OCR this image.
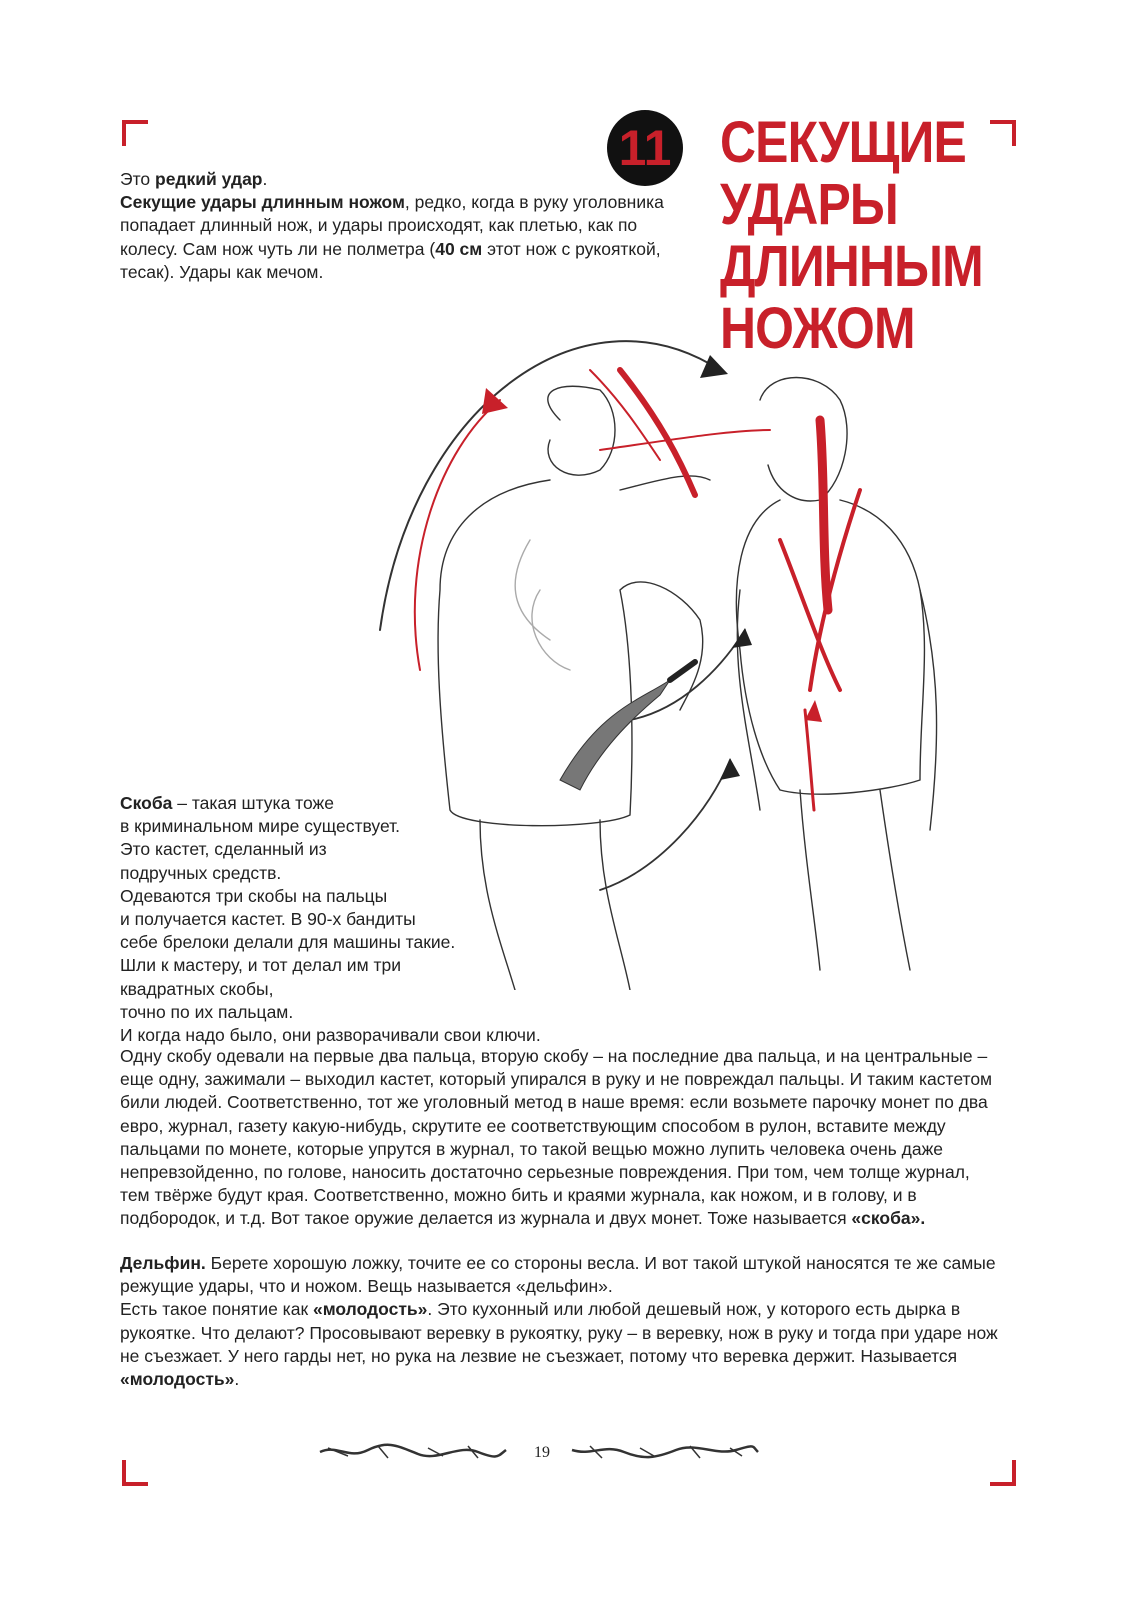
11 СЕКУЩИЕ
УДАРЫ
ДЛИННЫМ
НОЖОМ

Это редкий удар.
Секущие удары длинным ножом, редко, когда в руку уголовника попадает длинный нож, и удары происходят, как плетью, как по колесу. Сам нож чуть ли не полметра (40 см этот нож с рукояткой, тесак). Удары как мечом.

Скоба – такая штука тоже
в криминальном мире существует.
Это кастет, сделанный из
подручных средств.
Одеваются три скобы на пальцы
и получается кастет. В 90-х бандиты
себе брелоки делали для машины такие.
Шли к мастеру, и тот делал им три
квадратных скобы,
точно по их пальцам.
И когда надо было, они разворачивали свои ключи.

Одну скобу одевали на первые два пальца, вторую скобу – на последние два пальца, и на центральные – еще одну, зажимали – выходил кастет, который упирался в руку и не повреждал пальцы. И таким кастетом били людей. Соответственно, тот же уголовный метод в наше время: если возьмете парочку монет по два евро, журнал, газету какую-нибудь, скрутите ее соответствующим способом в рулон, вставите между пальцами по монете, которые упрутся в журнал, то такой вещью можно лупить человека очень даже непревзойденно, по голове, наносить достаточно серьезные повреждения. При том, чем толще журнал, тем твёрже будут края. Соответственно, можно бить и краями журнала, как ножом, и в голову, и в подбородок, и т.д. Вот такое оружие делается из журнала и двух монет. Тоже называется «скоба».

Дельфин. Берете хорошую ложку, точите ее со стороны весла. И вот такой штукой наносятся те же самые режущие удары, что и ножом. Вещь называется «дельфин».
Есть такое понятие как «молодость». Это кухонный или любой дешевый нож, у которого есть дырка в рукоятке. Что делают? Просовывают веревку в рукоятку, руку – в веревку, нож в руку и тогда при ударе нож не съезжает. У него гарды нет, но рука на лезвие не съезжает, потому что веревка держит. Называется
«молодость».

19
